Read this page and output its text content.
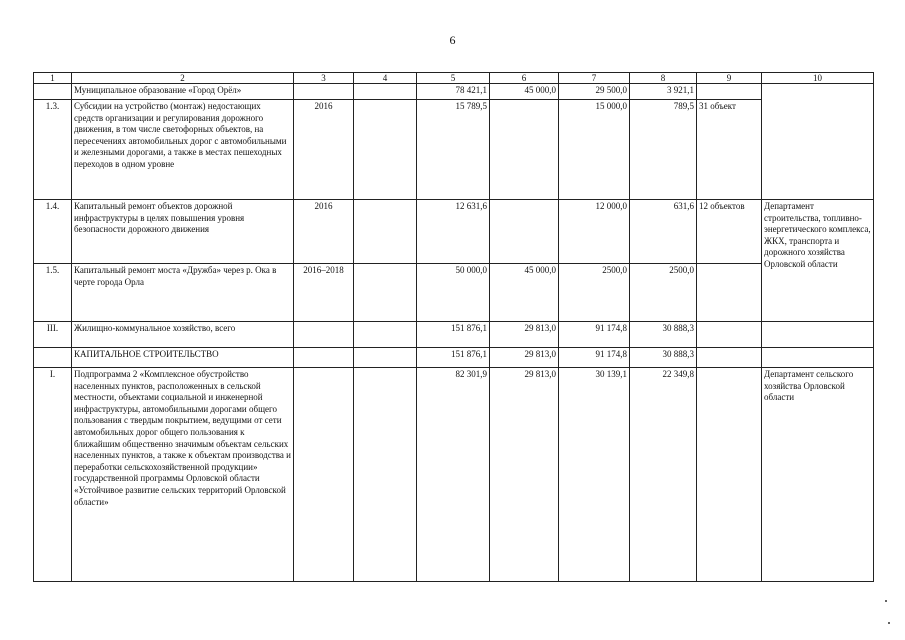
6
1	2	3	4	5	6	7	8	9	10
	Муниципальное образование «Город Орёл»			78 421,1	45 000,0	29 500,0	3 921,1		
1.3.	Субсидии на устройство (монтаж) недостающих средств организации и регулирования дорожного движения, в том числе светофорных объектов, на пересечениях автомобильных дорог с автомобильными и железными дорогами, а также в местах пешеходных переходов в одном уровне	2016		15 789,5		15 000,0	789,5	31 объект	
1.4.	Капитальный ремонт объектов дорожной инфраструктуры в целях повышения уровня безопасности дорожного движения	2016		12 631,6		12 000,0	631,6	12 объектов	Департамент строительства, топливно-энергетического комплекса, ЖКХ, транспорта и дорожного хозяйства Орловской области
1.5.	Капитальный ремонт моста «Дружба» через р. Ока в черте города Орла	2016–2018		50 000,0	45 000,0	2500,0	2500,0		
III.	Жилищно-коммунальное хозяйство, всего			151 876,1	29 813,0	91 174,8	30 888,3		
	КАПИТАЛЬНОЕ СТРОИТЕЛЬСТВО			151 876,1	29 813,0	91 174,8	30 888,3		
I.	Подпрограмма 2 «Комплексное обустройство населенных пунктов, расположенных в сельской местности, объектами социальной и инженерной инфраструктуры, автомобильными дорогами общего пользования с твердым покрытием, ведущими от сети автомобильных дорог общего пользования к ближайшим общественно значимым объектам сельских населенных пунктов, а также к объектам производства и переработки сельскохозяйственной продукции» государственной программы Орловской области «Устойчивое развитие сельских территорий Орловской области»			82 301,9	29 813,0	30 139,1	22 349,8		Департамент сельского хозяйства Орловской области
